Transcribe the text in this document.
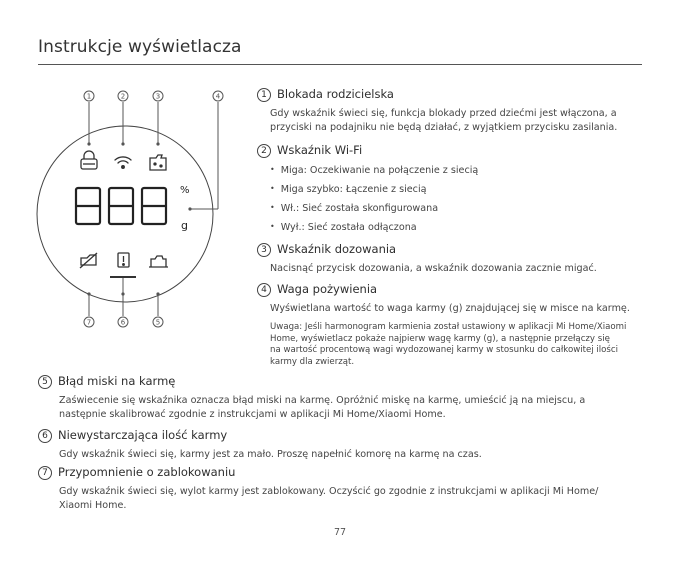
Instrukcje wyświetlacza
1	2	3	4
7	6	5
%
g
1 Blokada rodzicielska
Gdy wskaźnik świeci się, funkcja blokady przed dziećmi jest włączona, a
przyciski na podajniku nie będą działać, z wyjątkiem przycisku zasilania.
2 Wskaźnik Wi-Fi
• Miga: Oczekiwanie na połączenie z siecią
• Miga szybko: Łączenie z siecią
• Wł.: Sieć została skonfigurowana
• Wył.: Sieć została odłączona
3 Wskaźnik dozowania
Nacisnąć przycisk dozowania, a wskaźnik dozowania zacznie migać.
4 Waga pożywienia
Wyświetlana wartość to waga karmy (g) znajdującej się w misce na karmę.
Uwaga: Jeśli harmonogram karmienia został ustawiony w aplikacji Mi Home/Xiaomi
Home, wyświetlacz pokaże najpierw wagę karmy (g), a następnie przełączy się
na wartość procentową wagi wydozowanej karmy w stosunku do całkowitej ilości
karmy dla zwierząt.
5 Błąd miski na karmę
Zaświecenie się wskaźnika oznacza błąd miski na karmę. Opróżnić miskę na karmę, umieścić ją na miejscu, a
następnie skalibrować zgodnie z instrukcjami w aplikacji Mi Home/Xiaomi Home.
6 Niewystarczająca ilość karmy
Gdy wskaźnik świeci się, karmy jest za mało. Proszę napełnić komorę na karmę na czas.
7 Przypomnienie o zablokowaniu
Gdy wskaźnik świeci się, wylot karmy jest zablokowany. Oczyścić go zgodnie z instrukcjami w aplikacji Mi Home/
Xiaomi Home.
77
